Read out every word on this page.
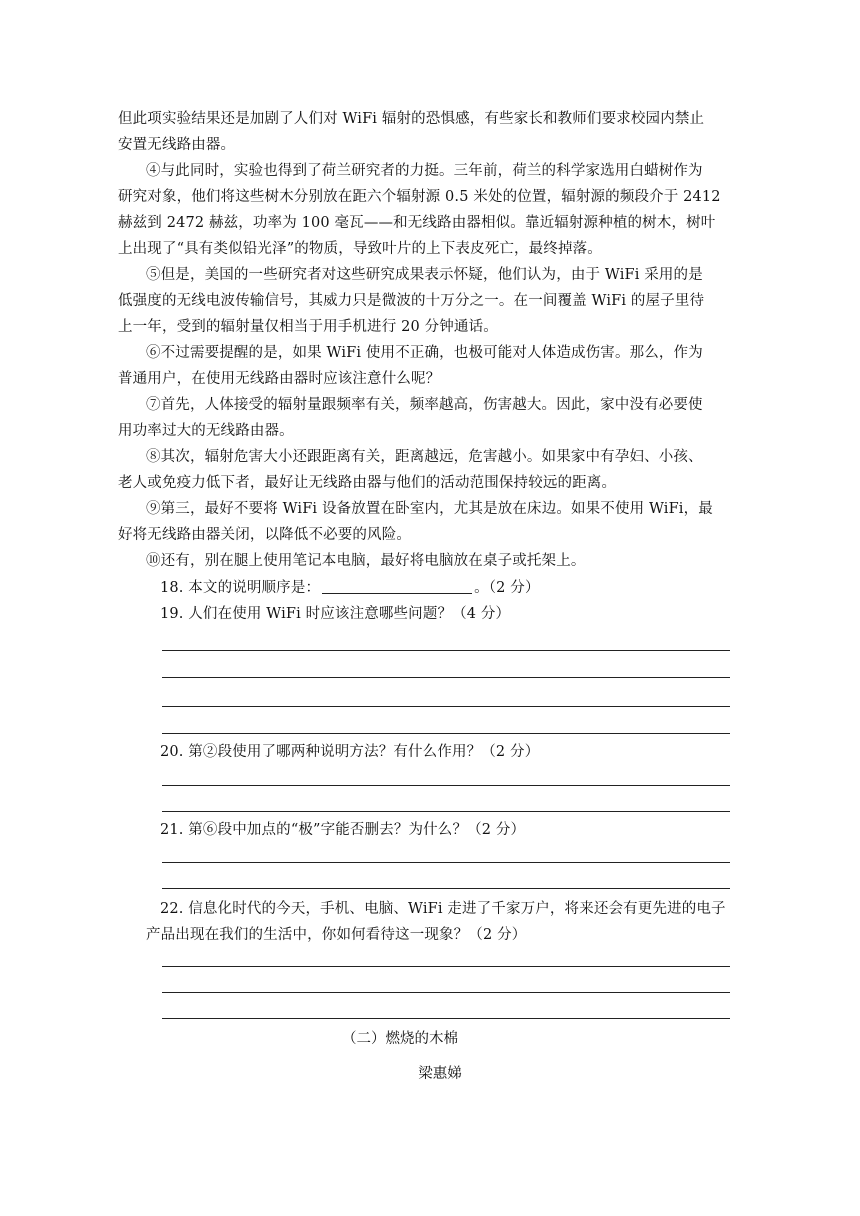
但此项实验结果还是加剧了人们对 WiFi 辐射的恐惧感，有些家长和教师们要求校园内禁止
安置无线路由器。
④与此同时，实验也得到了荷兰研究者的力挺。三年前，荷兰的科学家选用白蜡树作为
研究对象，他们将这些树木分别放在距六个辐射源 0.5 米处的位置，辐射源的频段介于 2412
赫兹到 2472 赫兹，功率为 100 毫瓦——和无线路由器相似。靠近辐射源种植的树木，树叶
上出现了“具有类似铅光泽”的物质，导致叶片的上下表皮死亡，最终掉落。
⑤但是，美国的一些研究者对这些研究成果表示怀疑，他们认为，由于 WiFi 采用的是
低强度的无线电波传输信号，其威力只是微波的十万分之一。在一间覆盖 WiFi 的屋子里待
上一年，受到的辐射量仅相当于用手机进行 20 分钟通话。
⑥不过需要提醒的是，如果 WiFi 使用不正确，也极可能对人体造成伤害。那么，作为
普通用户，在使用无线路由器时应该注意什么呢？
⑦首先，人体接受的辐射量跟频率有关，频率越高，伤害越大。因此，家中没有必要使
用功率过大的无线路由器。
⑧其次，辐射危害大小还跟距离有关，距离越远，危害越小。如果家中有孕妇、小孩、
老人或免疫力低下者，最好让无线路由器与他们的活动范围保持较远的距离。
⑨第三，最好不要将 WiFi 设备放置在卧室内，尤其是放在床边。如果不使用 WiFi，最
好将无线路由器关闭，以降低不必要的风险。
⑩还有，别在腿上使用笔记本电脑，最好将电脑放在桌子或托架上。
18. 本文的说明顺序是：	。（2 分）
19. 人们在使用 WiFi 时应该注意哪些问题？（4 分）
20. 第②段使用了哪两种说明方法？有什么作用？（2 分）
21. 第⑥段中加点的“极”字能否删去？为什么？（2 分）
22. 信息化时代的今天，手机、电脑、WiFi 走进了千家万户，将来还会有更先进的电子
产品出现在我们的生活中，你如何看待这一现象？（2 分）
（二）燃烧的木棉
梁惠娣
